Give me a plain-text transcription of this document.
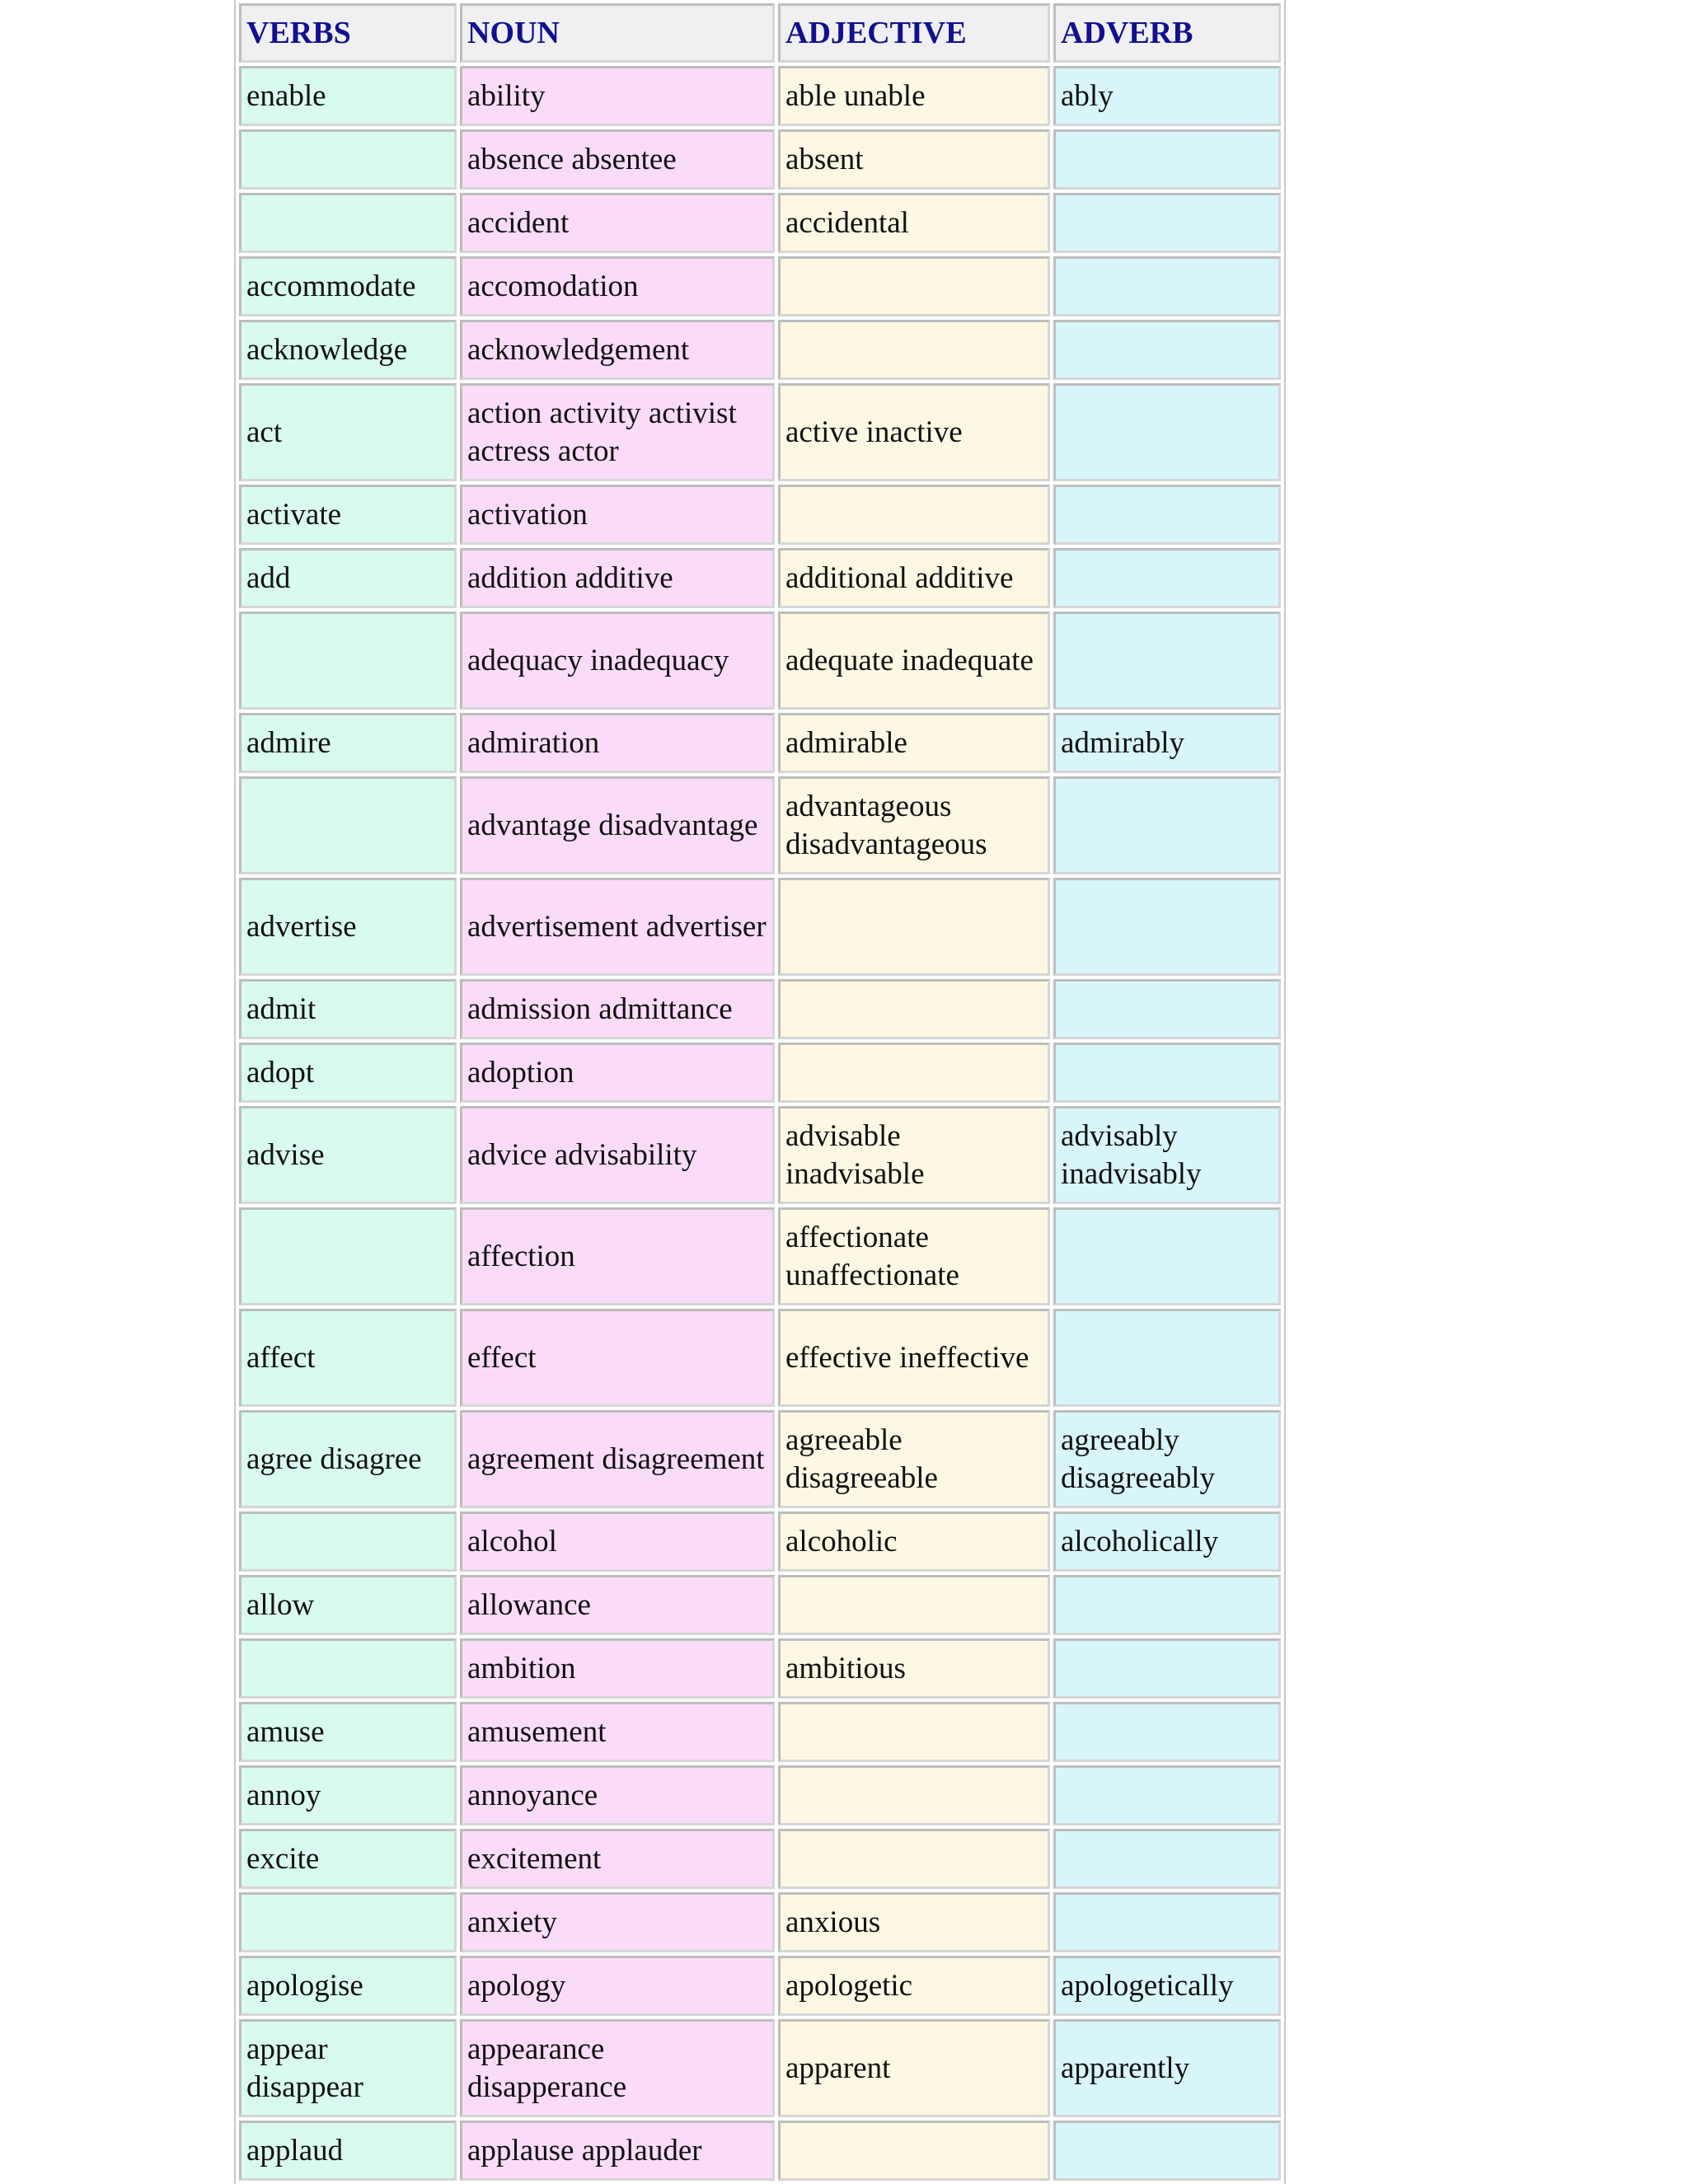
VERBS	NOUN	ADJECTIVE	ADVERB
enable	ability	able unable	ably
	absence absentee	absent	
	accident	accidental	
accommodate	accomodation		
acknowledge	acknowledgement		
act	action activity activist actress actor	active inactive	
activate	activation		
add	addition additive	additional additive	
	adequacy inadequacy	adequate inadequate	
admire	admiration	admirable	admirably
	advantage disadvantage	advantageous disadvantageous	
advertise	advertisement advertiser		
admit	admission admittance		
adopt	adoption		
advise	advice advisability	advisable inadvisable	advisably inadvisably
	affection	affectionate unaffectionate	
affect	effect	effective ineffective	
agree disagree	agreement disagreement	agreeable disagreeable	agreeably disagreeably
	alcohol	alcoholic	alcoholically
allow	allowance		
	ambition	ambitious	
amuse	amusement		
annoy	annoyance		
excite	excitement		
	anxiety	anxious	
apologise	apology	apologetic	apologetically
appear disappear	appearance disapperance	apparent	apparently
applaud	applause applauder		
